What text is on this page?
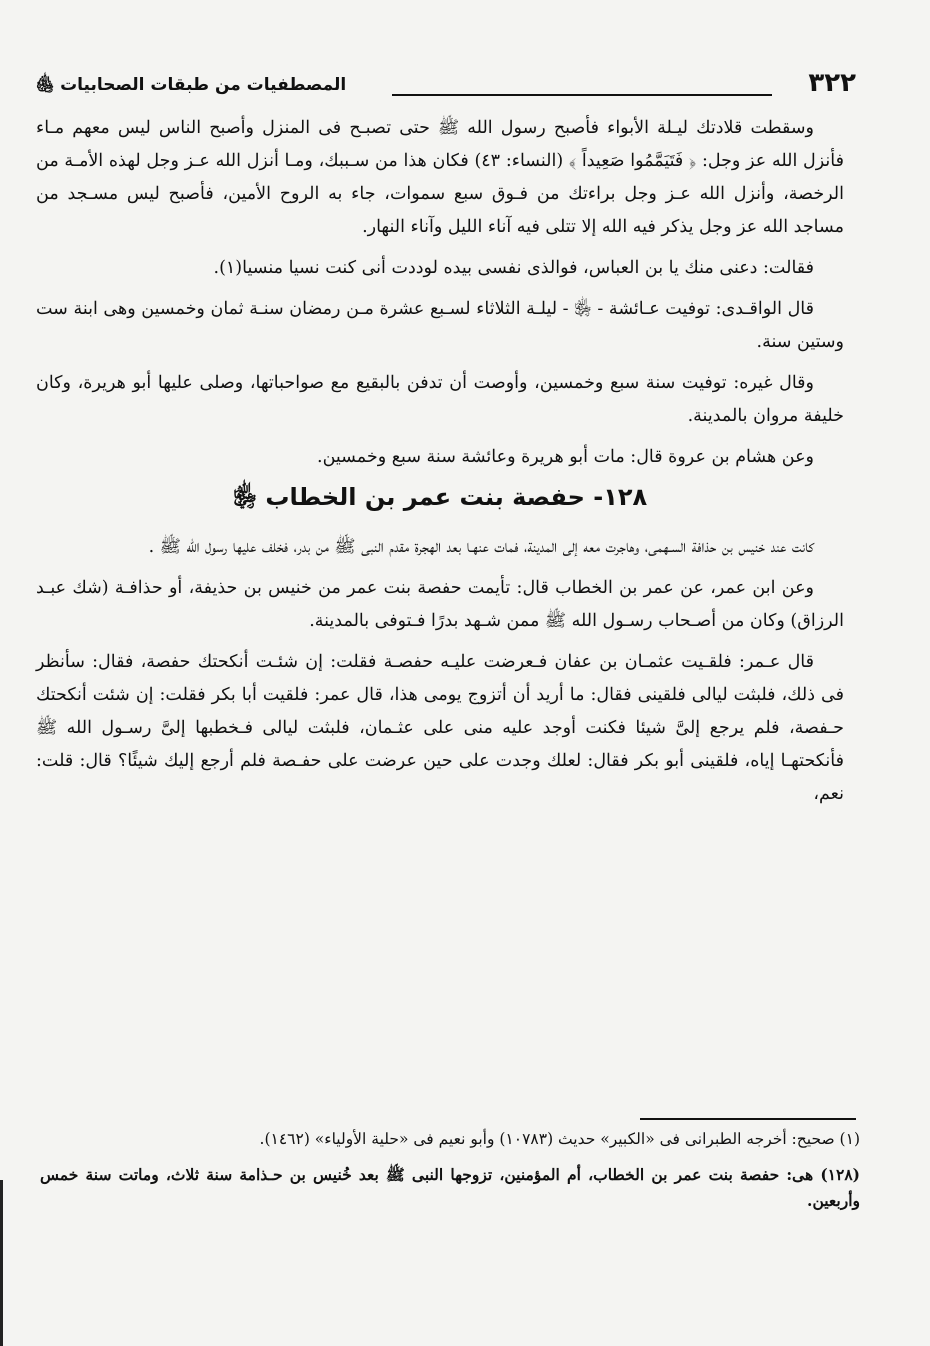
٣٢٢
المصطفيات من طبقات الصحابيات ﵅

وسقطت قلادتك ليـلة الأبواء فأصبح رسول الله ﷺ حتى تصبـح فى المنزل وأصبح الناس ليس معهم مـاء فأنزل الله عز وجل: ﴿ فَتَيَمَّمُوا صَعِيداً ﴾ (النساء: ٤٣) فكان هذا من سـببك، ومـا أنزل الله عـز وجل لهذه الأمـة من الرخصة، وأنزل الله عـز وجل براءتك من فـوق سبع سموات، جاء به الروح الأمين، فأصبح ليس مسـجد من مساجد الله عز وجل يذكر فيه الله إلا تتلى فيه آناء الليل وآناء النهار.

فقالت: دعنى منك يا بن العباس، فوالذى نفسى بيده لوددت أنى كنت نسيا منسيا(١).

قال الواقـدى: توفيت عـائشة - ﵂ - ليلـة الثلاثاء لسـبع عشرة مـن رمضان سنـة ثمان وخمسين وهى ابنة ست وستين سنة.

وقال غيره: توفيت سنة سبع وخمسين، وأوصت أن تدفن بالبقيع مع صواحباتها، وصلى عليها أبو هريرة، وكان خليفة مروان بالمدينة.

وعن هشام بن عروة قال: مات أبو هريرة وعائشة سنة سبع وخمسين.

١٢٨- حفصة بنت عمر بن الخطاب ﵂

كانت عند خنيس بن حذافة السـهمى، وهاجرت معه إلى المدينة، فمات عنهـا بعد الهجرة مقدم النبى ﷺ من بدر، فخلف عليها رسول الله ﷺ .

وعن ابن عمر، عن عمر بن الخطاب قال: تأيمت حفصة بنت عمر من خنيس بن حذيفة، أو حذافـة (شك عبـد الرزاق) وكان من أصـحاب رسـول الله ﷺ ممن شـهد بدرًا فـتوفى بالمدينة.

قال عـمر: فلقـيت عثمـان بن عفان فـعرضت عليـه حفصـة فقلت: إن شئـت أنكحتك حفصة، فقال: سأنظر فى ذلك، فلبثت ليالى فلقينى فقال: ما أريد أن أتزوج يومى هذا، قال عمر: فلقيت أبا بكر فقلت: إن شئت أنكحتك حـفصة، فلم يرجع إلىَّ شيئا فكنت أوجد عليه منى على عثـمان، فلبثت ليالى فـخطبها إلىَّ رسـول الله ﷺ فأنكحتهـا إياه، فلقينى أبو بكر فقال: لعلك وجدت على حين عرضت على حفـصة فلم أرجع إليك شيئًا؟ قال: قلت: نعم،

(١) صحيح: أخرجه الطبرانى فى «الكبير» حديث (١٠٧٨٣) وأبو نعيم فى «حلية الأولياء» (١٤٦٢).

(١٢٨) هى: حفصة بنت عمر بن الخطاب، أم المؤمنين، تزوجها النبى ﷺ بعد خُنيس بن حـذامة سنة ثلاث، وماتت سنة خمس وأربعين.
